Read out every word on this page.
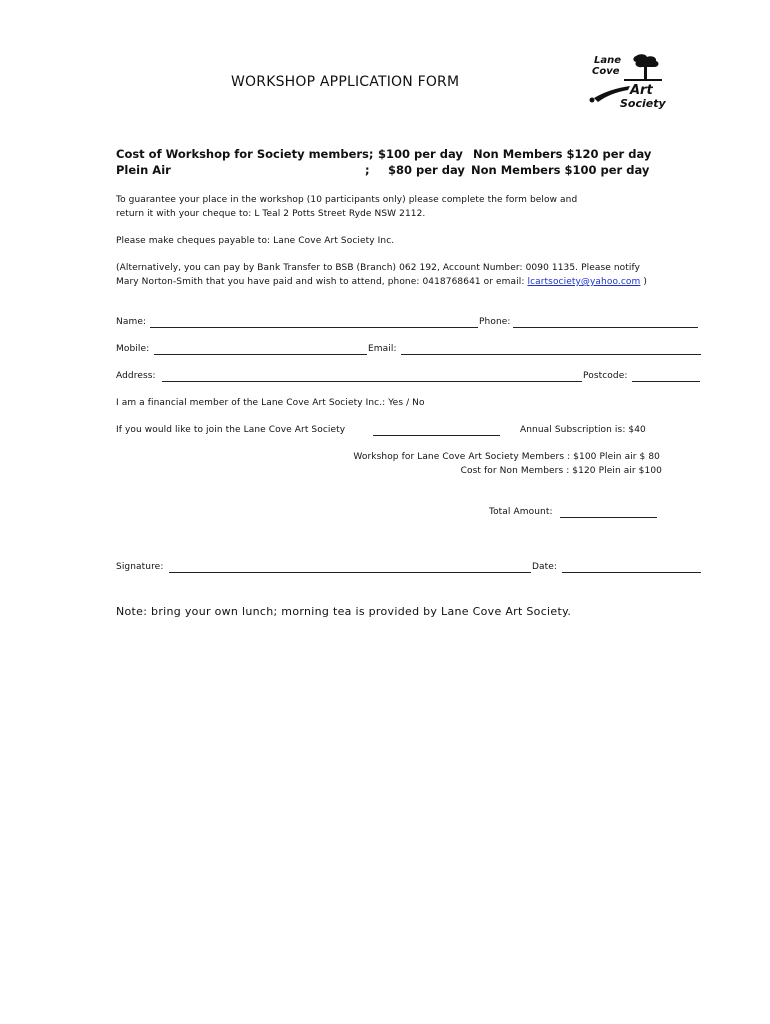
WORKSHOP APPLICATION FORM
Lane
Cove
Art
Society
Cost of Workshop for Society members; $100 per day Non Members $120 per day
Plein Air	; $80 per day Non Members $100 per day
To guarantee your place in the workshop (10 participants only) please complete the form below and
return it with your cheque to: L Teal 2 Potts Street Ryde NSW 2112.
Please make cheques payable to: Lane Cove Art Society Inc.
(Alternatively, you can pay by Bank Transfer to BSB (Branch) 062 192, Account Number: 0090 1135. Please notify
Mary Norton-Smith that you have paid and wish to attend, phone: 0418768641 or email: lcartsociety@yahoo.com )
Name:	Phone:
Mobile:	Email:
Address:	Postcode:
I am a financial member of the Lane Cove Art Society Inc.: Yes / No
If you would like to join the Lane Cove Art Society	Annual Subscription is: $40
Workshop for Lane Cove Art Society Members : $100 Plein air $ 80
Cost for Non Members : $120 Plein air $100
Total Amount:
Signature:	Date:
Note: bring your own lunch; morning tea is provided by Lane Cove Art Society.
